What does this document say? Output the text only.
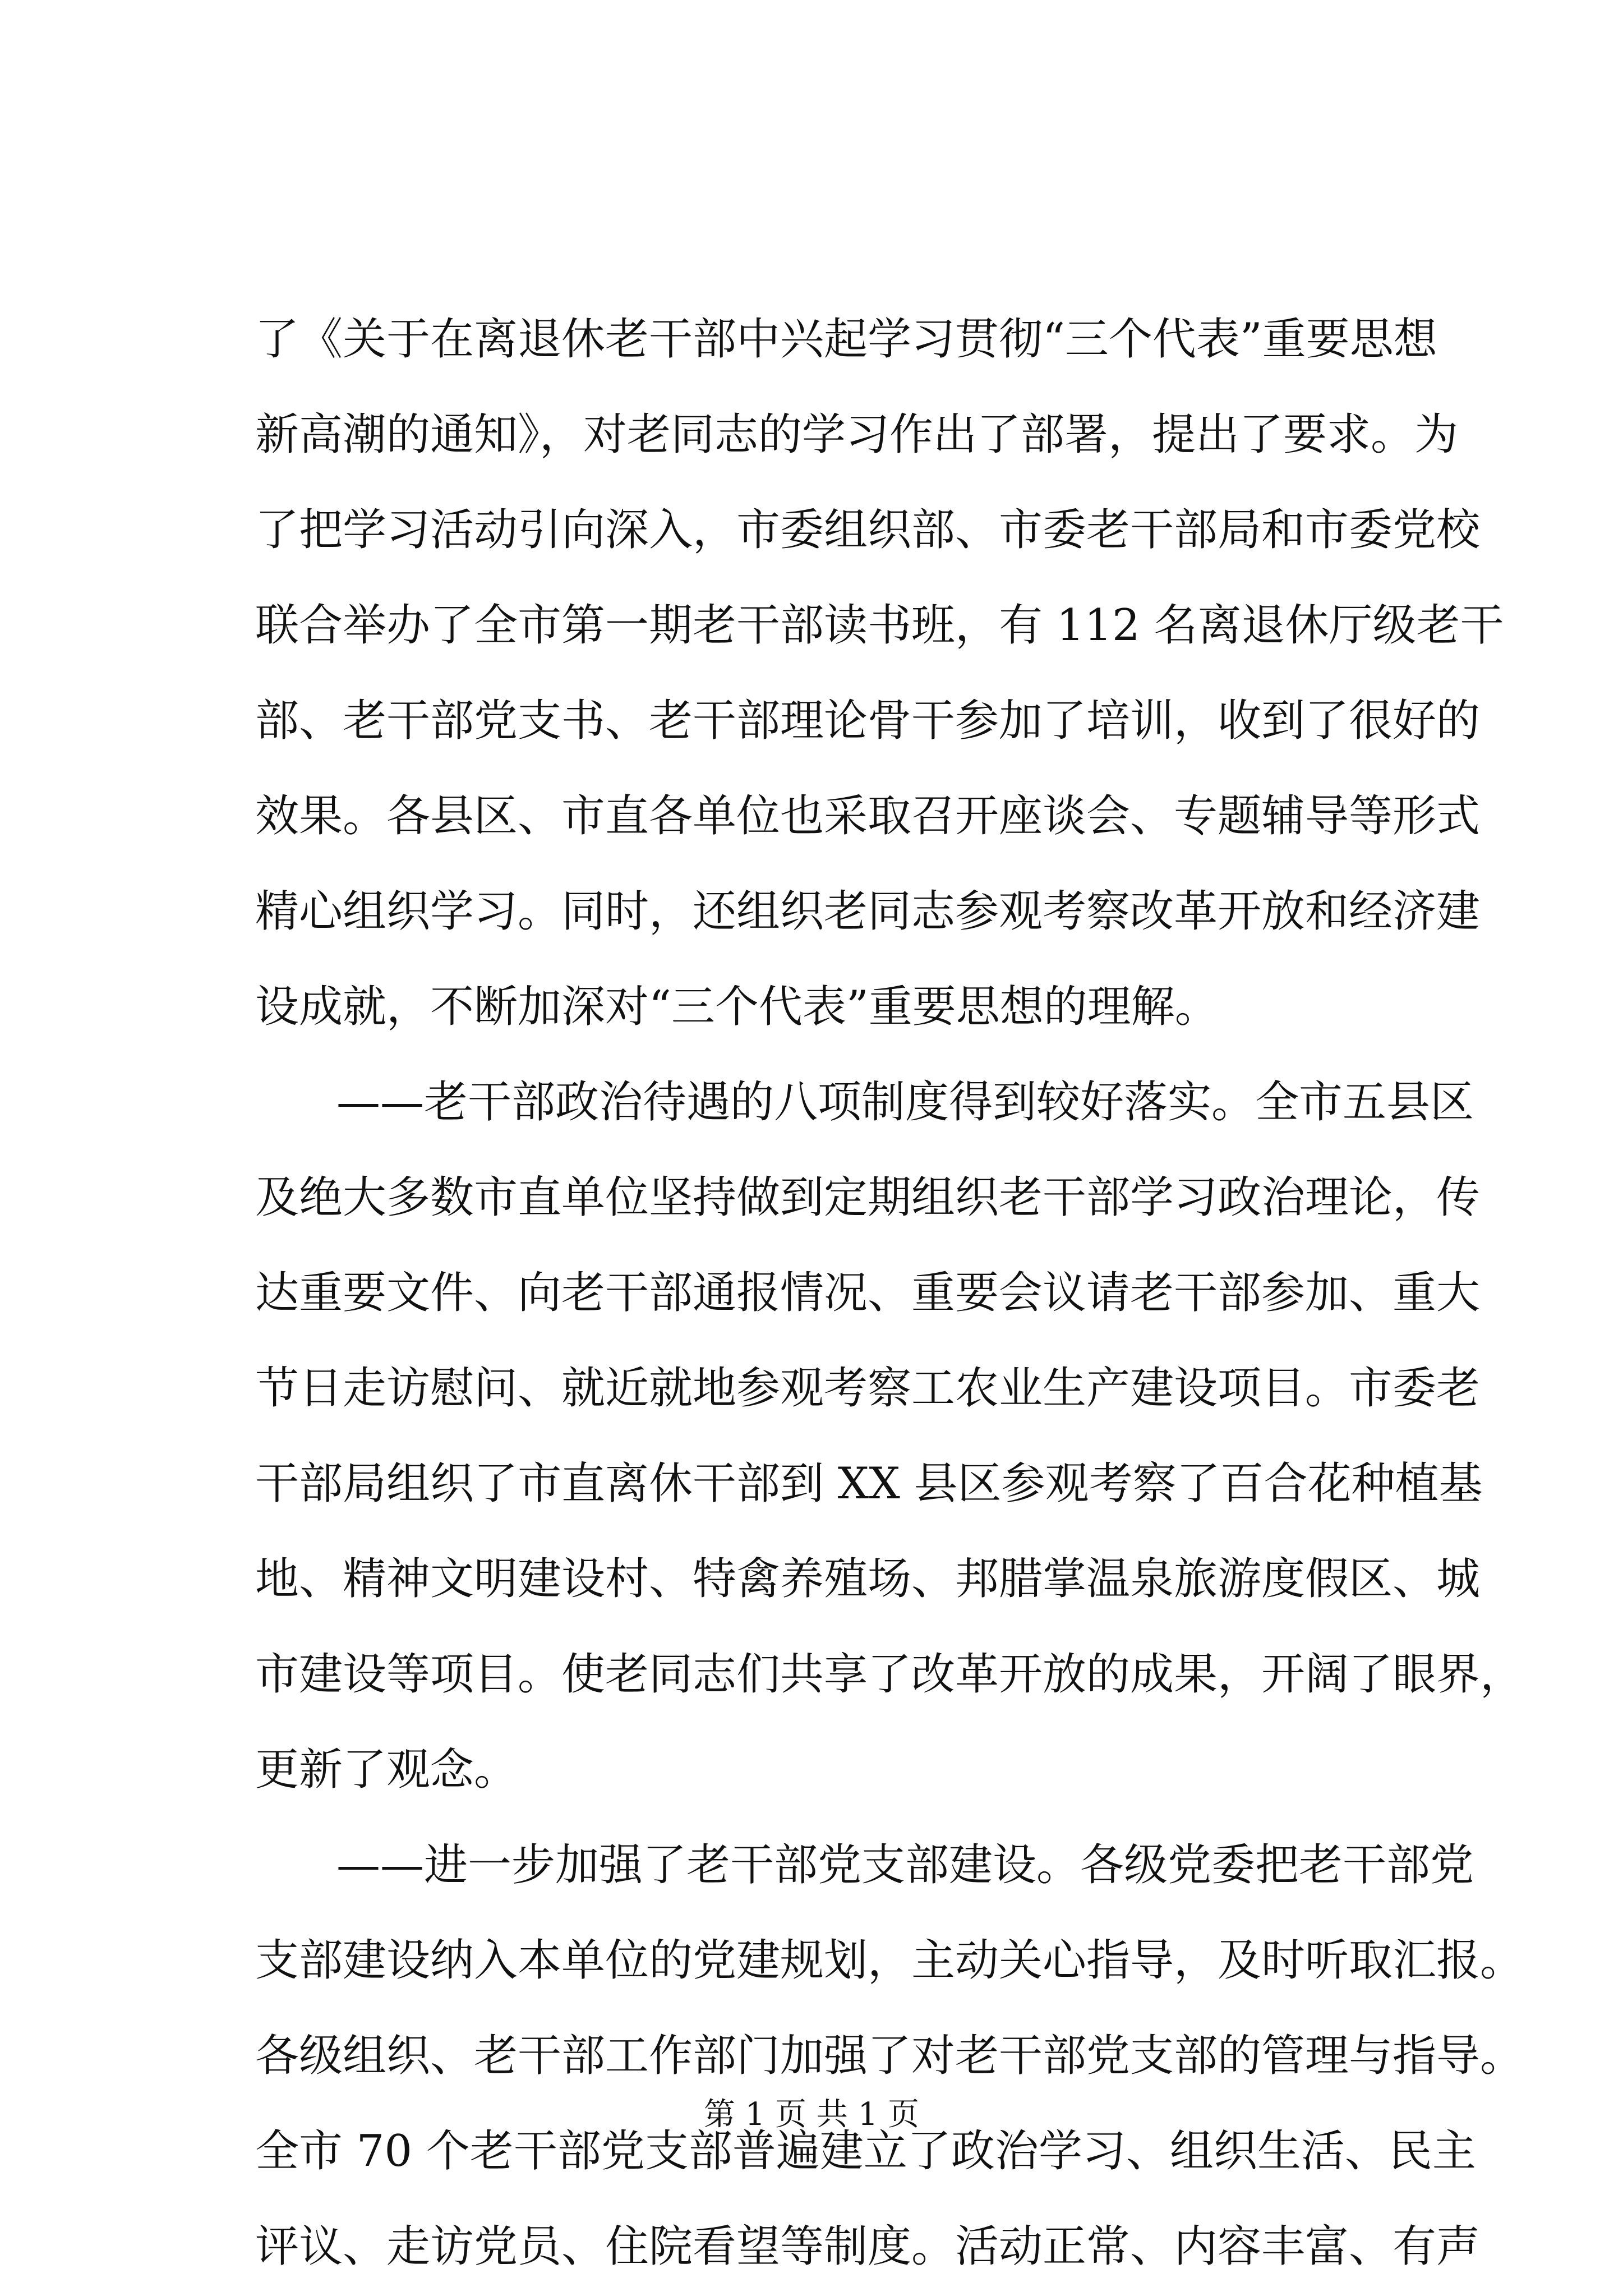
了《关于在离退休老干部中兴起学习贯彻“三个代表”重要思想
新高潮的通知》，对老同志的学习作出了部署，提出了要求。为
了把学习活动引向深入，市委组织部、市委老干部局和市委党校
联合举办了全市第一期老干部读书班，有 112 名离退休厅级老干
部、老干部党支书、老干部理论骨干参加了培训，收到了很好的
效果。各县区、市直各单位也采取召开座谈会、专题辅导等形式
精心组织学习。同时，还组织老同志参观考察改革开放和经济建
设成就，不断加深对“三个代表”重要思想的理解。
——老干部政治待遇的八项制度得到较好落实。全市五县区
及绝大多数市直单位坚持做到定期组织老干部学习政治理论，传
达重要文件、向老干部通报情况、重要会议请老干部参加、重大
节日走访慰问、就近就地参观考察工农业生产建设项目。市委老
干部局组织了市直离休干部到 XX 县区参观考察了百合花种植基
地、精神文明建设村、特禽养殖场、邦腊掌温泉旅游度假区、城
市建设等项目。使老同志们共享了改革开放的成果，开阔了眼界，
更新了观念。
——进一步加强了老干部党支部建设。各级党委把老干部党
支部建设纳入本单位的党建规划，主动关心指导，及时听取汇报。
各级组织、老干部工作部门加强了对老干部党支部的管理与指导。
全市 70 个老干部党支部普遍建立了政治学习、组织生活、民主
评议、走访党员、住院看望等制度。活动正常、内容丰富、有声
第 1 页 共 1 页
